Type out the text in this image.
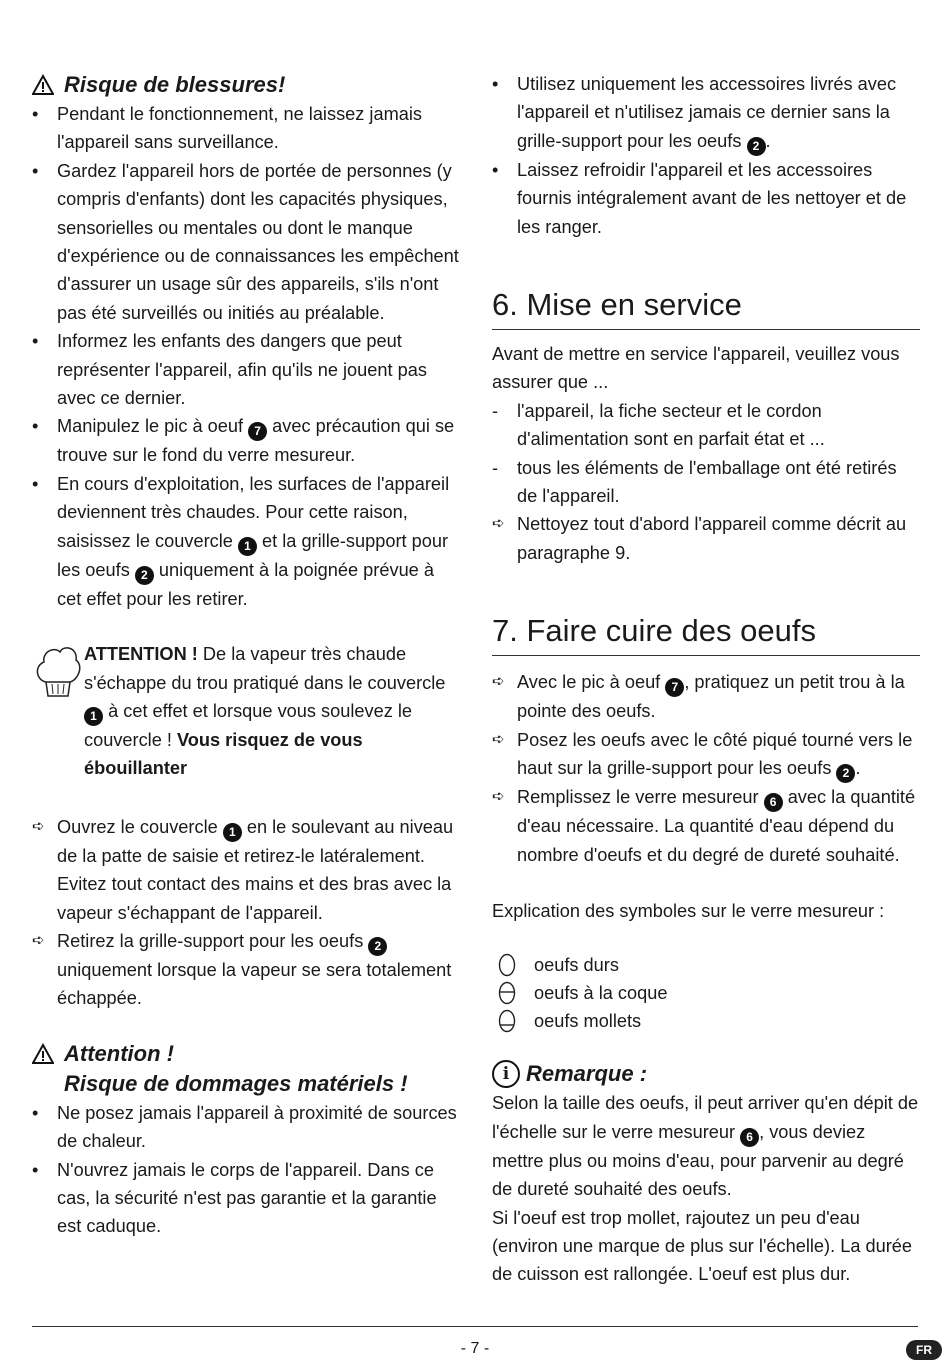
Risque de blessures!
•	Pendant le fonctionnement, ne laissez jamais l'appareil sans surveillance.
•	Gardez l'appareil hors de portée de personnes (y compris d'enfants) dont les capacités physiques, sensorielles ou mentales ou dont le manque d'expérience ou de connaissances les empêchent d'assurer un usage sûr des appareils, s'ils n'ont pas été surveillés ou initiés au préalable.
•	Informez les enfants des dangers que peut représenter l'appareil, afin qu'ils ne jouent pas avec ce dernier.
•	Manipulez le pic à oeuf 7 avec précaution qui se trouve sur le fond du verre mesureur.
•	En cours d'exploitation, les surfaces de l'appareil deviennent très chaudes. Pour cette raison, saisissez le couvercle 1 et la grille-support pour les oeufs 2 uniquement à la poignée prévue à cet effet pour les retirer.
ATTENTION ! De la vapeur très chaude s'échappe du trou pratiqué dans le couvercle 1 à cet effet et lorsque vous soulevez le couvercle ! Vous risquez de vous ébouillanter
➪ Ouvrez le couvercle 1 en le soulevant au niveau de la patte de saisie et retirez-le latéralement. Evitez tout contact des mains et des bras avec la vapeur s'échappant de l'appareil.
➪ Retirez la grille-support pour les oeufs 2 uniquement lorsque la vapeur se sera totalement échappée.
Attention !
Risque de dommages matériels !
•	Ne posez jamais l'appareil à proximité de sources de chaleur.
•	N'ouvrez jamais le corps de l'appareil. Dans ce cas, la sécurité n'est pas garantie et la garantie est caduque.
•	Utilisez uniquement les accessoires livrés avec l'appareil et n'utilisez jamais ce dernier sans la grille-support pour les oeufs 2 .
•	Laissez refroidir l'appareil et les accessoires fournis intégralement avant de les nettoyer et de les ranger.
6. Mise en service

Avant de mettre en service l'appareil, veuillez vous assurer que ...

-	l'appareil, la fiche secteur et le cordon d'alimentation sont en parfait état et ...
-	tous les éléments de l'emballage ont été retirés de l'appareil.
➪ Nettoyez tout d'abord l'appareil comme décrit au paragraphe 9.
7. Faire cuire des oeufs
➪ Avec le pic à oeuf 7 , pratiquez un petit trou à la pointe des oeufs.
➪ Posez les oeufs avec le côté piqué tourné vers le haut sur la grille-support pour les oeufs 2 .
➪ Remplissez le verre mesureur 6 avec la quantité d'eau nécessaire. La quantité d'eau dépend du nombre d'oeufs et du degré de dureté souhaité.

Explication des symboles sur le verre mesureur :

oeufs durs
oeufs à la coque
oeufs mollets
i Remarque :

Selon la taille des oeufs, il peut arriver qu'en dépit de l'échelle sur le verre mesureur 6 , vous deviez mettre plus ou moins d'eau, pour parvenir au degré de dureté souhaité des oeufs.

Si l'oeuf est trop mollet, rajoutez un peu d'eau (environ une marque de plus sur l'échelle). La durée de cuisson est rallongée. L'oeuf est plus dur.

- 7 -	FR
